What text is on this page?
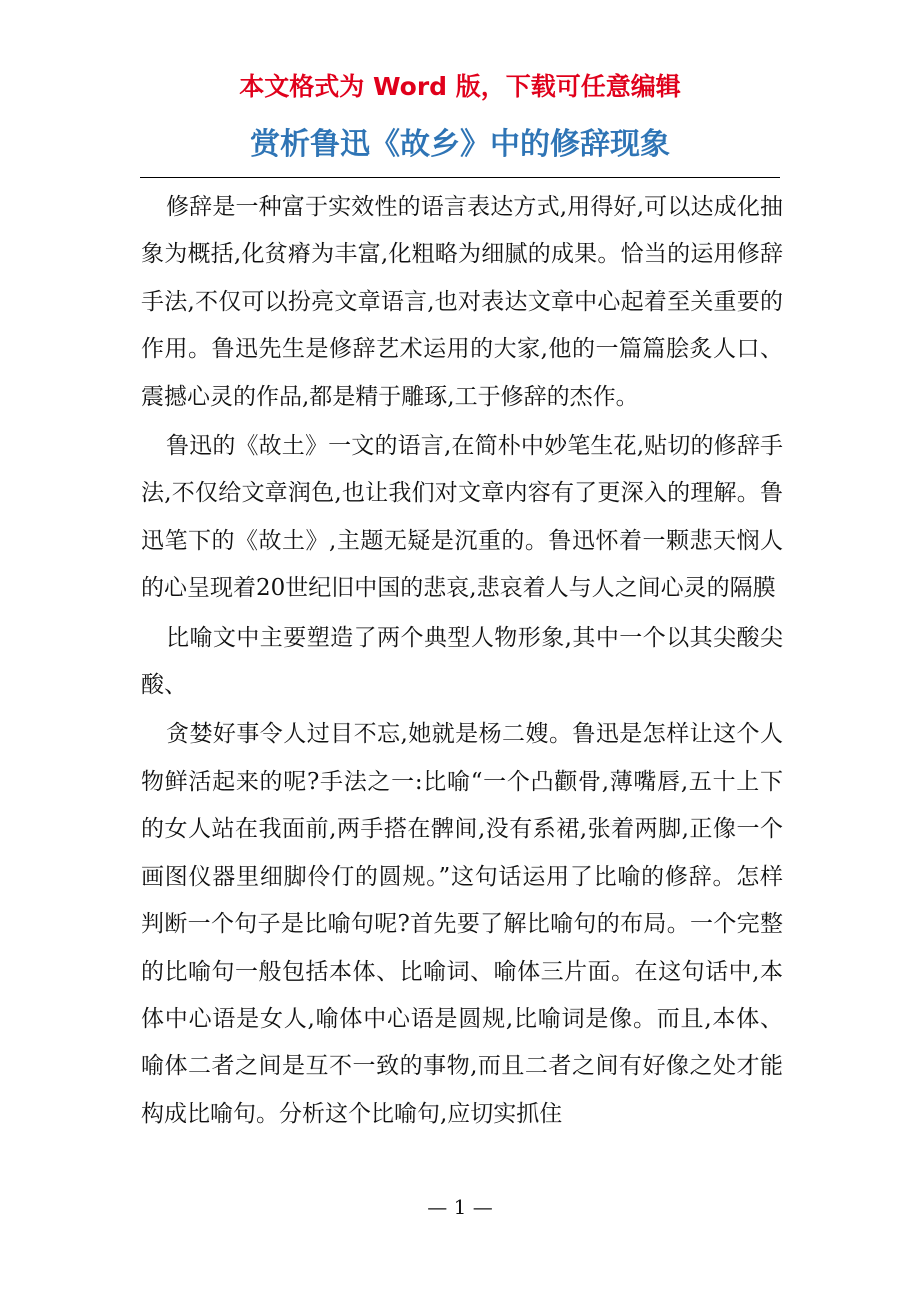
本文格式为 Word 版，下载可任意编辑

赏析鲁迅《故乡》中的修辞现象

修辞是一种富于实效性的语言表达方式,用得好,可以达成化抽象为概括,化贫瘠为丰富,化粗略为细腻的成果。恰当的运用修辞手法,不仅可以扮亮文章语言,也对表达文章中心起着至关重要的作用。鲁迅先生是修辞艺术运用的大家,他的一篇篇脍炙人口、震撼心灵的作品,都是精于雕琢,工于修辞的杰作。

鲁迅的《故土》一文的语言,在简朴中妙笔生花,贴切的修辞手法,不仅给文章润色,也让我们对文章内容有了更深入的理解。鲁迅笔下的《故土》,主题无疑是沉重的。鲁迅怀着一颗悲天悯人的心呈现着20世纪旧中国的悲哀,悲哀着人与人之间心灵的隔膜

比喻文中主要塑造了两个典型人物形象,其中一个以其尖酸尖酸、

贪婪好事令人过目不忘,她就是杨二嫂。鲁迅是怎样让这个人物鲜活起来的呢?手法之一:比喻“一个凸颧骨,薄嘴唇,五十上下的女人站在我面前,两手搭在髀间,没有系裙,张着两脚,正像一个画图仪器里细脚伶仃的圆规。”这句话运用了比喻的修辞。怎样判断一个句子是比喻句呢?首先要了解比喻句的布局。一个完整的比喻句一般包括本体、比喻词、喻体三片面。在这句话中,本体中心语是女人,喻体中心语是圆规,比喻词是像。而且,本体、喻体二者之间是互不一致的事物,而且二者之间有好像之处才能构成比喻句。分析这个比喻句,应切实抓住

— 1 —
